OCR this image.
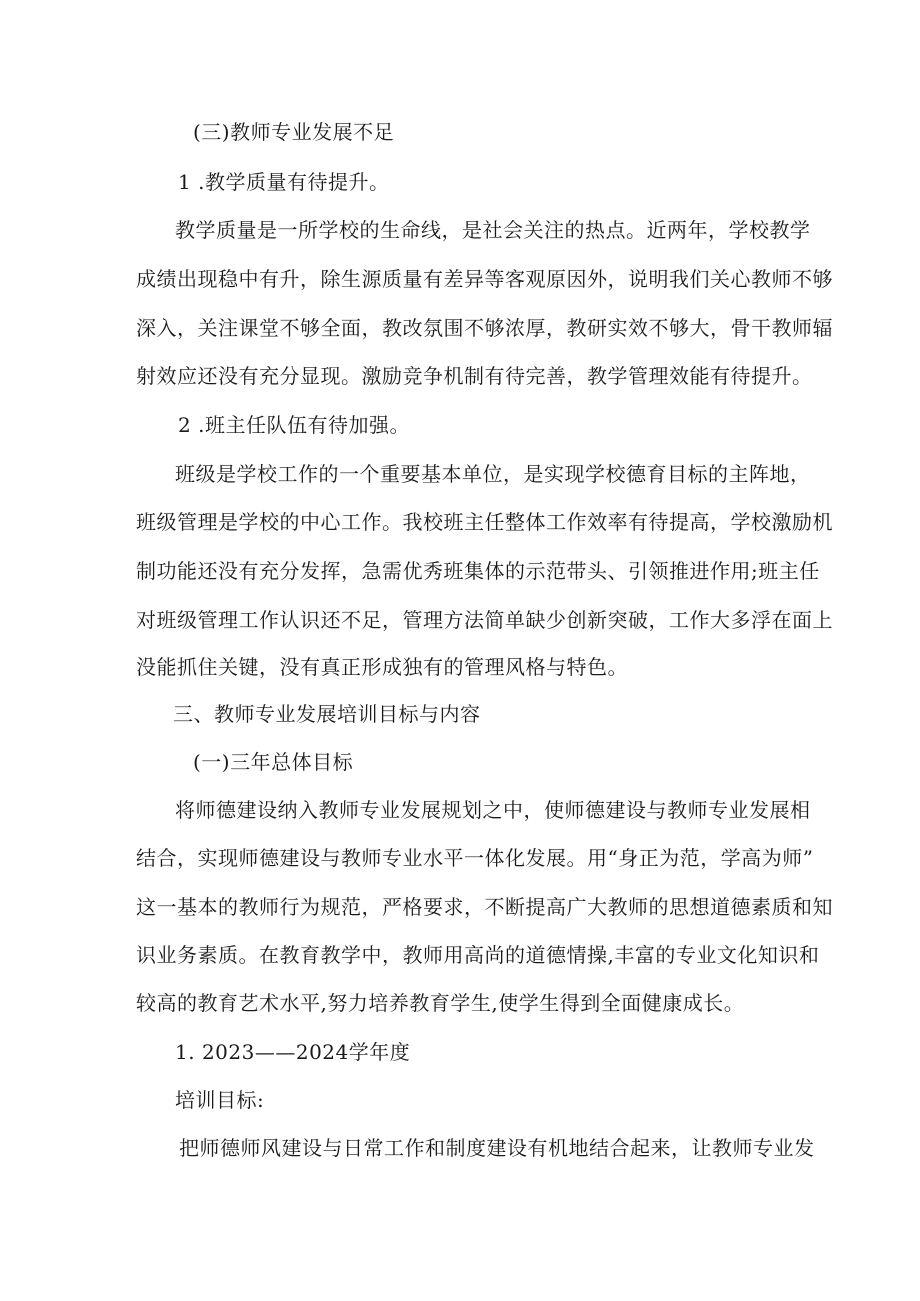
(三)教师专业发展不足

1 .教学质量有待提升。

教学质量是一所学校的生命线，是社会关注的热点。近两年，学校教学

成绩出现稳中有升，除生源质量有差异等客观原因外，说明我们关心教师不够

深入，关注课堂不够全面，教改氛围不够浓厚，教研实效不够大，骨干教师辐

射效应还没有充分显现。激励竞争机制有待完善，教学管理效能有待提升。

2 .班主任队伍有待加强。

班级是学校工作的一个重要基本单位，是实现学校德育目标的主阵地，

班级管理是学校的中心工作。我校班主任整体工作效率有待提高，学校激励机

制功能还没有充分发挥，急需优秀班集体的示范带头、引领推进作用;班主任

对班级管理工作认识还不足，管理方法简单缺少创新突破，工作大多浮在面上

没能抓住关键，没有真正形成独有的管理风格与特色。

三、教师专业发展培训目标与内容

(一)三年总体目标

将师德建设纳入教师专业发展规划之中，使师德建设与教师专业发展相

结合，实现师德建设与教师专业水平一体化发展。用“身正为范，学高为师”

这一基本的教师行为规范，严格要求，不断提高广大教师的思想道德素质和知

识业务素质。在教育教学中，教师用高尚的道德情操,丰富的专业文化知识和

较高的教育艺术水平,努力培养教育学生,使学生得到全面健康成长。

1. 2023——2024学年度

培训目标:

把师德师风建设与日常工作和制度建设有机地结合起来，让教师专业发
